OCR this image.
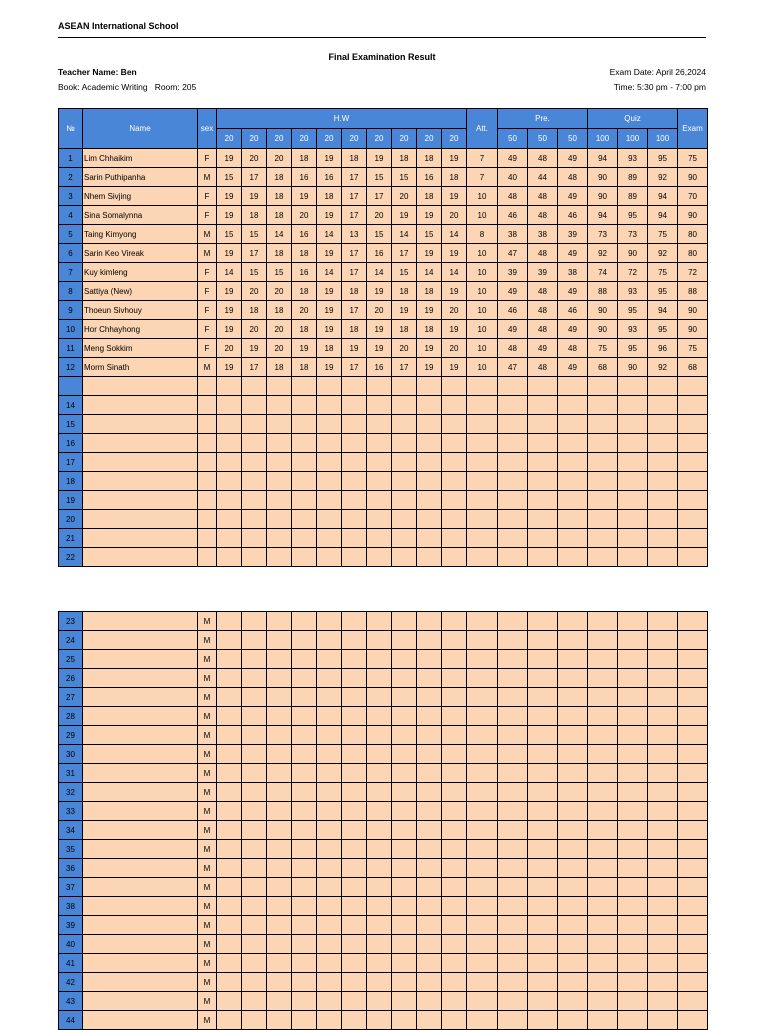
ASEAN International School
Final Examination Result
Teacher Name: Ben
Book: Academic Writing   Room: 205
Exam Date: April 26,2024
Time: 5:30 pm - 7:00 pm
№	Name	sex	H.W										Att.	Pre.			Quiz			Exam
			20	20	20	20	20	20	20	20	20	20		50	50	50	100	100	100	
1	Lim Chhaikim	F	19	20	20	18	19	18	19	18	18	19	7	49	48	49	94	93	95	75
2	Sarin Puthipanha	M	15	17	18	16	16	17	15	15	16	18	7	40	44	48	90	89	92	90
3	Nhem Sivjing	F	19	19	18	19	18	17	17	20	18	19	10	48	48	49	90	89	94	70
4	Sina Somalynna	F	19	18	18	20	19	17	20	19	19	20	10	46	48	46	94	95	94	90
5	Taing Kimyong	M	15	15	14	16	14	13	15	14	15	14	8	38	38	39	73	73	75	80
6	Sarin Keo Vireak	M	19	17	18	18	19	17	16	17	19	19	10	47	48	49	92	90	92	80
7	Kuy kimleng	F	14	15	15	16	14	17	14	15	14	14	10	39	39	38	74	72	75	72
8	Sattiya (New)	F	19	20	20	18	19	18	19	18	18	19	10	49	48	49	88	93	95	88
9	Thoeun Sivhouy	F	19	18	18	20	19	17	20	19	19	20	10	46	48	46	90	95	94	90
10	Hor Chhayhong	F	19	20	20	18	19	18	19	18	18	19	10	49	48	49	90	93	95	90
11	Meng Sokkim	F	20	19	20	19	18	19	19	20	19	20	10	48	49	48	75	95	96	75
12	Morm Sinath	M	19	17	18	18	19	17	16	17	19	19	10	47	48	49	68	90	92	68

14																				
15																				
16																				
17																				
18																				
19																				
20																				
21																				
22																				
23		M																		
24		M																		
25		M																		
26		M																		
27		M																		
28		M																		
29		M																		
30		M																		
31		M																		
32		M																		
33		M																		
34		M																		
35		M																		
36		M																		
37		M																		
38		M																		
39		M																		
40		M																		
41		M																		
42		M																		
43		M																		
44		M																		
